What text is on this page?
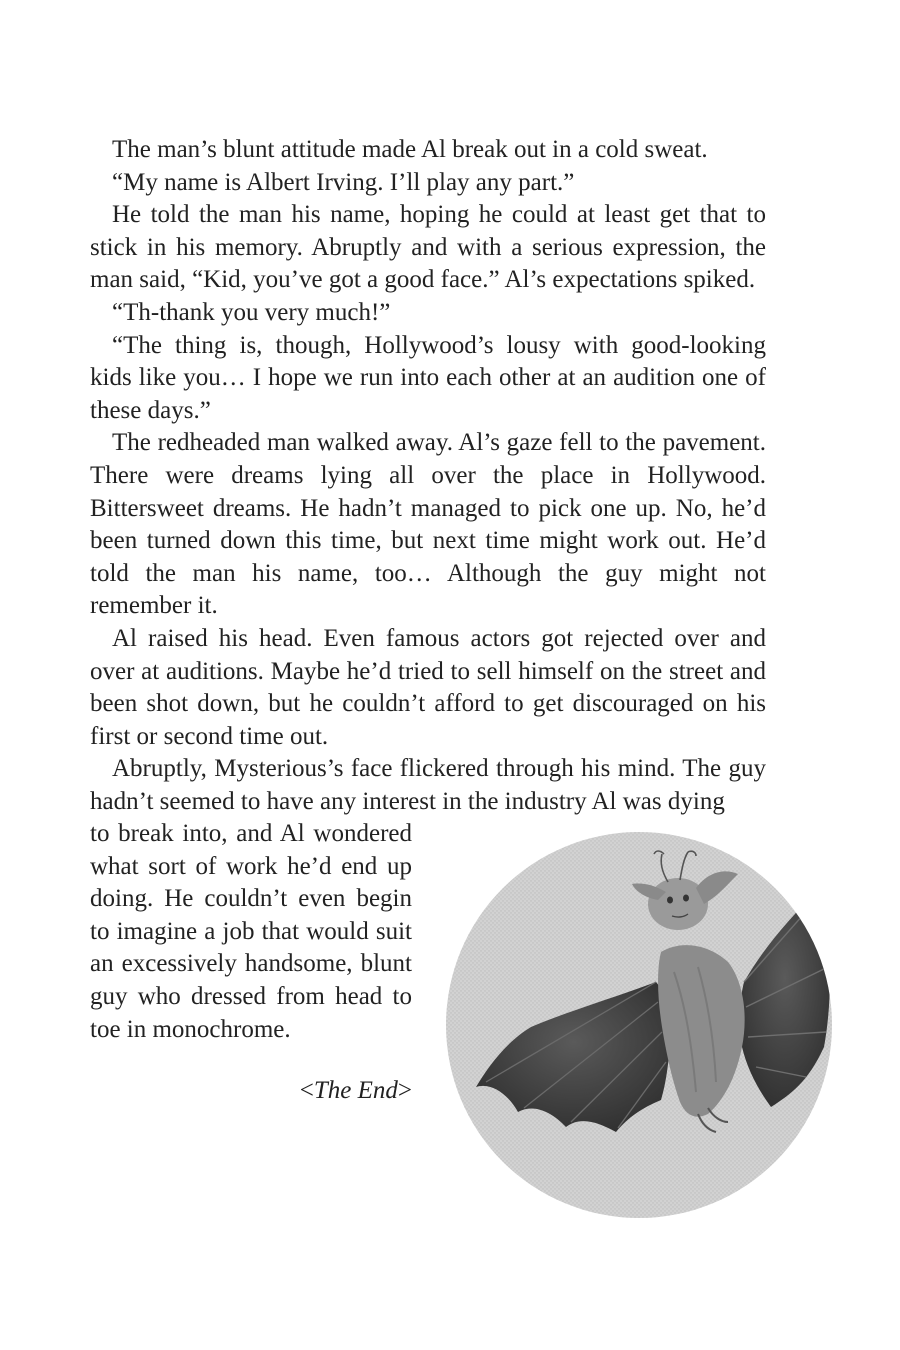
The man’s blunt attitude made Al break out in a cold sweat.

“My name is Albert Irving. I’ll play any part.”

He told the man his name, hoping he could at least get that to stick in his memory. Abruptly and with a serious expression, the man said, “Kid, you’ve got a good face.” Al’s expectations spiked.

“Th-thank you very much!”

“The thing is, though, Hollywood’s lousy with good-looking kids like you… I hope we run into each other at an audition one of these days.”

The redheaded man walked away. Al’s gaze fell to the pavement. There were dreams lying all over the place in Hollywood. Bittersweet dreams. He hadn’t managed to pick one up. No, he’d been turned down this time, but next time might work out. He’d told the man his name, too… Although the guy might not remember it.

Al raised his head. Even famous actors got rejected over and over at auditions. Maybe he’d tried to sell himself on the street and been shot down, but he couldn’t afford to get discouraged on his first or second time out.

Abruptly, Mysterious’s face flickered through his mind. The guy hadn’t seemed to have any interest in the industry Al was dying

to break into, and Al wondered what sort of work he’d end up doing. He couldn’t even begin to imagine a job that would suit an excessively handsome, blunt guy who dressed from head to toe in monochrome.
<The End>
